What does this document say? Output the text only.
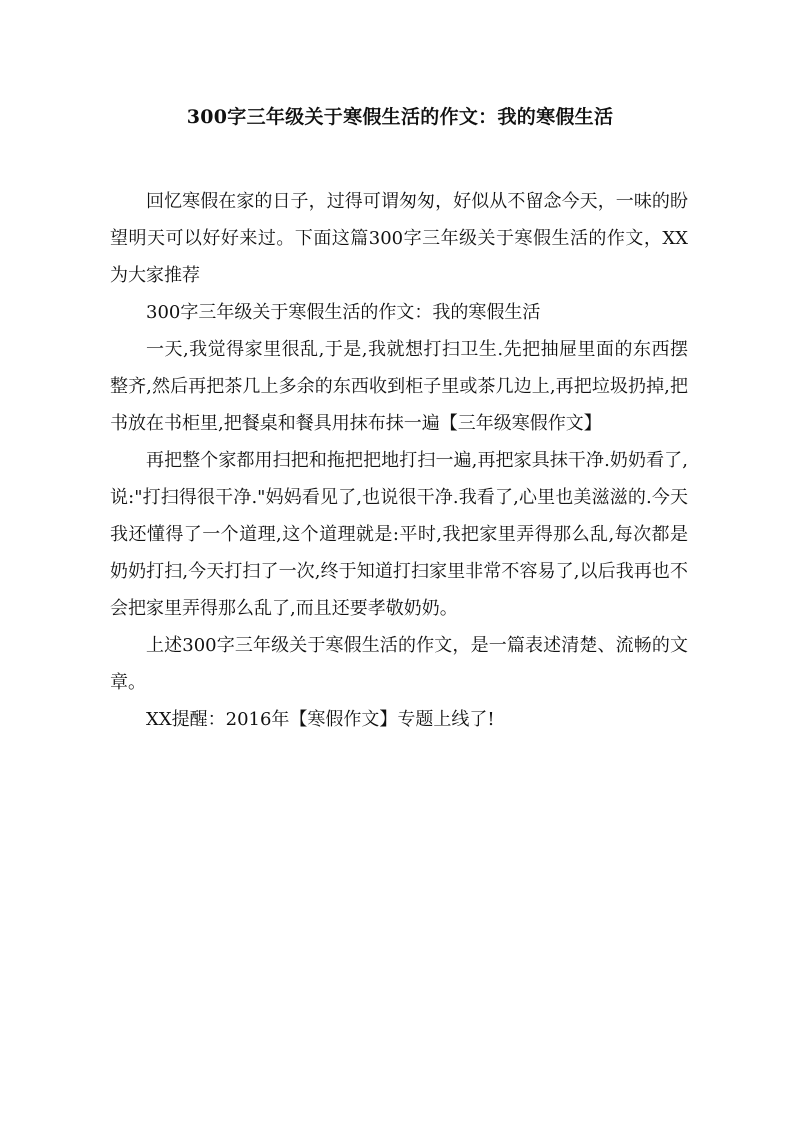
300字三年级关于寒假生活的作文：我的寒假生活

回忆寒假在家的日子，过得可谓匆匆，好似从不留念今天，一味的盼望明天可以好好来过。下面这篇300字三年级关于寒假生活的作文，XX为大家推荐

300字三年级关于寒假生活的作文：我的寒假生活

一天,我觉得家里很乱,于是,我就想打扫卫生.先把抽屉里面的东西摆整齐,然后再把茶几上多余的东西收到柜子里或茶几边上,再把垃圾扔掉,把书放在书柜里,把餐桌和餐具用抹布抹一遍【三年级寒假作文】

再把整个家都用扫把和拖把把地打扫一遍,再把家具抹干净.奶奶看了,说:"打扫得很干净."妈妈看见了,也说很干净.我看了,心里也美滋滋的.今天我还懂得了一个道理,这个道理就是:平时,我把家里弄得那么乱,每次都是奶奶打扫,今天打扫了一次,终于知道打扫家里非常不容易了,以后我再也不会把家里弄得那么乱了,而且还要孝敬奶奶。

上述300字三年级关于寒假生活的作文，是一篇表述清楚、流畅的文章。

XX提醒：2016年【寒假作文】专题上线了!
